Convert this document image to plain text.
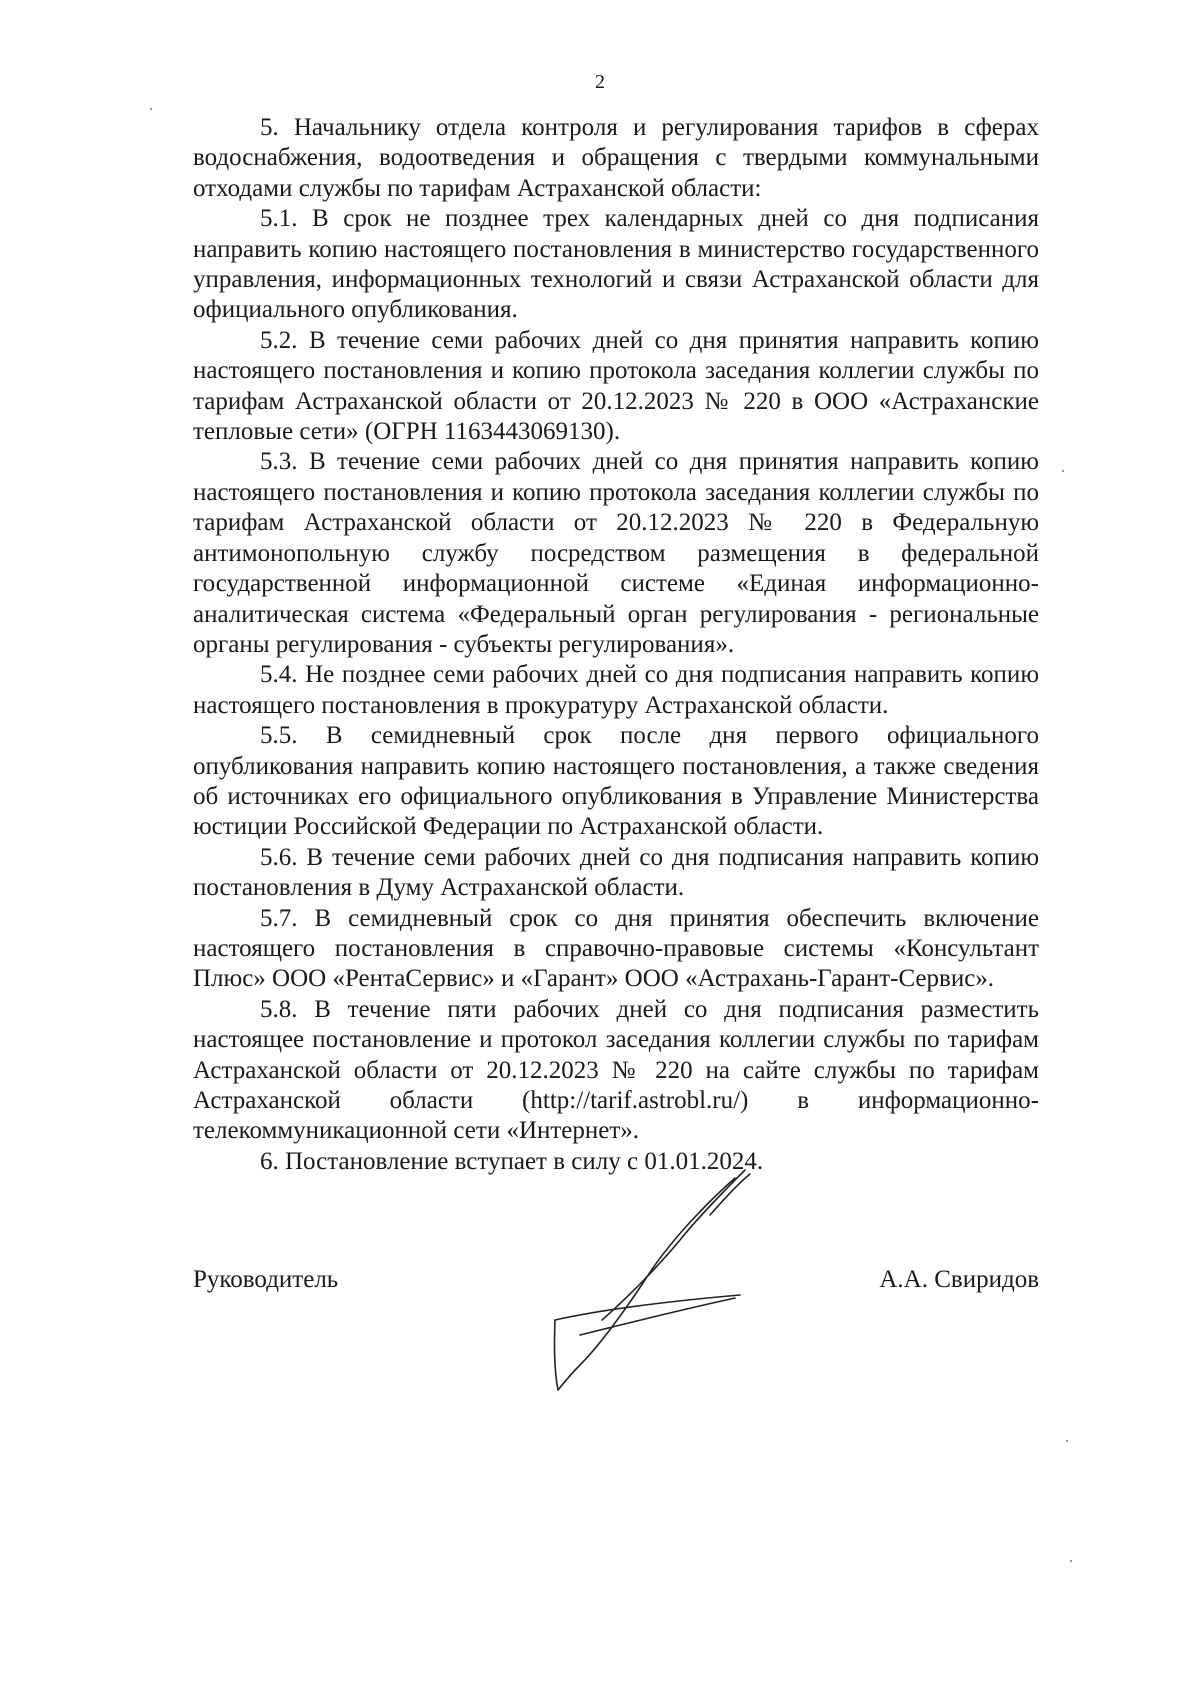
2

5. Начальнику отдела контроля и регулирования тарифов в сферах водоснабжения, водоотведения и обращения с твердыми коммунальными отходами службы по тарифам Астраханской области:

5.1. В срок не позднее трех календарных дней со дня подписания направить копию настоящего постановления в министерство государственного управления, информационных технологий и связи Астраханской области для официального опубликования.

5.2. В течение семи рабочих дней со дня принятия направить копию настоящего постановления и копию протокола заседания коллегии службы по тарифам Астраханской области от 20.12.2023 № 220 в ООО «Астраханские тепловые сети» (ОГРН 1163443069130).

5.3. В течение семи рабочих дней со дня принятия направить копию настоящего постановления и копию протокола заседания коллегии службы по тарифам Астраханской области от 20.12.2023 № 220 в Федеральную антимонопольную службу посредством размещения в федеральной государственной информационной системе «Единая информационно-аналитическая система «Федеральный орган регулирования - региональные органы регулирования - субъекты регулирования».

5.4. Не позднее семи рабочих дней со дня подписания направить копию настоящего постановления в прокуратуру Астраханской области.

5.5. В семидневный срок после дня первого официального опубликования направить копию настоящего постановления, а также сведения об источниках его официального опубликования в Управление Министерства юстиции Российской Федерации по Астраханской области.

5.6. В течение семи рабочих дней со дня подписания направить копию постановления в Думу Астраханской области.

5.7. В семидневный срок со дня принятия обеспечить включение настоящего постановления в справочно-правовые системы «Консультант Плюс» ООО «РентаСервис» и «Гарант» ООО «Астрахань-Гарант-Сервис».

5.8. В течение пяти рабочих дней со дня подписания разместить настоящее постановление и протокол заседания коллегии службы по тарифам Астраханской области от 20.12.2023 № 220 на сайте службы по тарифам Астраханской области (http://tarif.astrobl.ru/) в информационно-телекоммуникационной сети «Интернет».

6. Постановление вступает в силу с 01.01.2024.

Руководитель	А.А. Свиридов
